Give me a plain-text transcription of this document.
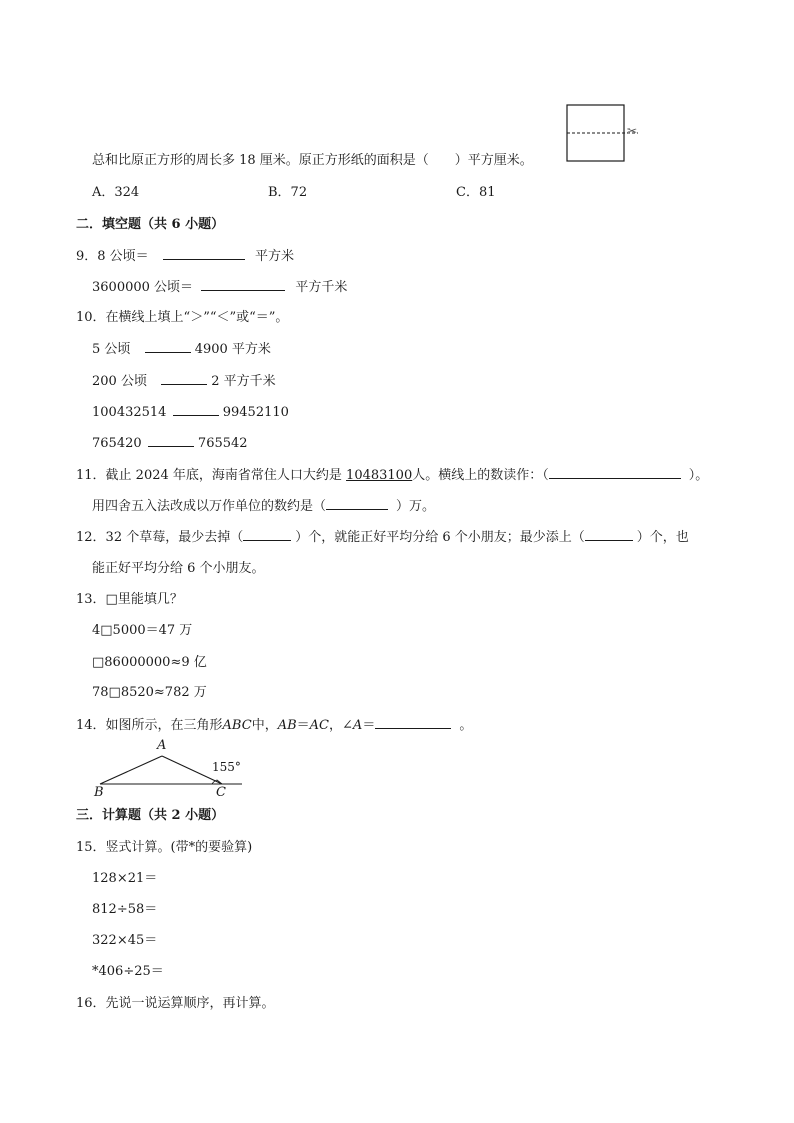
✂
总和比原正方形的周长多 18 厘米。原正方形纸的面积是（　　）平方厘米。
A．324	B．72	C．81
二．填空题（共 6 小题）
9．8 公顷＝	平方米
3600000 公顷＝	平方千米
10．在横线上填上“＞”“＜”或“＝”。
5 公顷	4900 平方米
200 公顷	2 平方千米
100432514	99452110
765420	765542
11．截止 2024 年底，海南省常住人口大约是 10483100人。横线上的数读作：（	）。
用四舍五入法改成以万作单位的数约是（	）万。
12．32 个草莓，最少去掉（	）个，就能正好平均分给 6 个小朋友；最少添上（	）个，也
能正好平均分给 6 个小朋友。
13．□里能填几？
4□5000＝47 万
□86000000≈9 亿
78□8520≈782 万
14．如图所示，在三角形ABC中，AB＝AC，∠A＝	。
A
B	C
155°
三．计算题（共 2 小题）
15．竖式计算。(带*的要验算)
128×21＝
812÷58＝
322×45＝
*406÷25＝
16．先说一说运算顺序，再计算。
